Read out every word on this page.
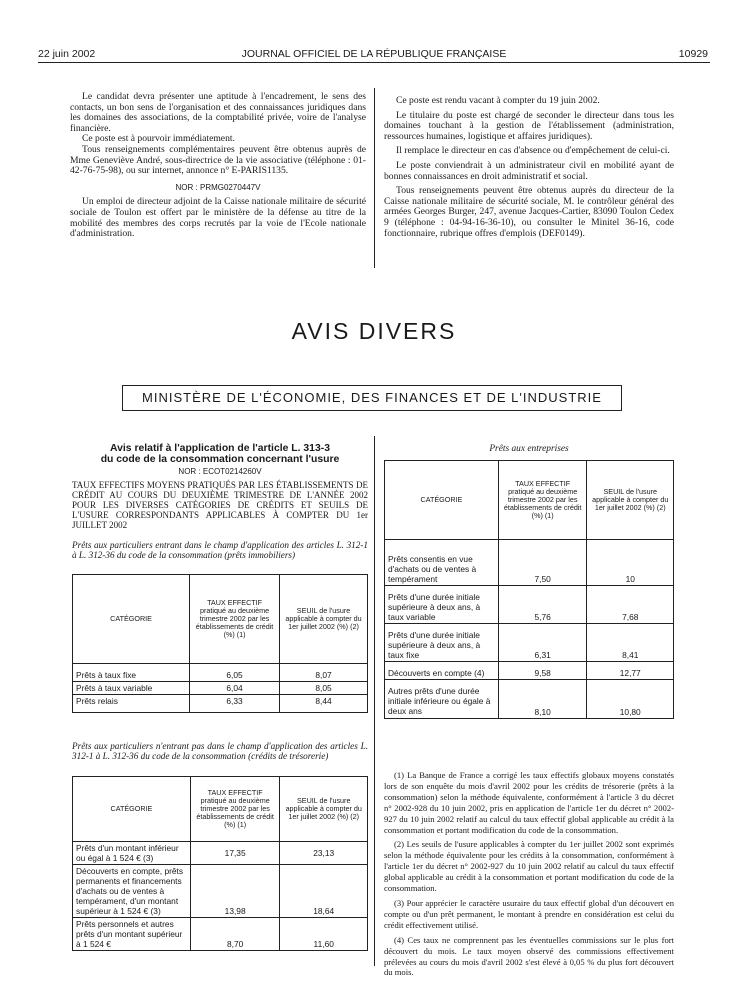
22 juin 2002	JOURNAL OFFICIEL DE LA RÉPUBLIQUE FRANÇAISE	10929

Le candidat devra présenter une aptitude à l'encadrement, le sens des contacts, un bon sens de l'organisation et des connaissances juridiques dans les domaines des associations, de la comptabilité privée, voire de l'analyse financière.

Ce poste est à pourvoir immédiatement.

Tous renseignements complémentaires peuvent être obtenus auprès de Mme Geneviève André, sous-directrice de la vie associative (téléphone : 01-42-76-75-98), ou sur internet, annonce n° E-PARIS1135.

NOR : PRMG0270447V

Un emploi de directeur adjoint de la Caisse nationale militaire de sécurité sociale de Toulon est offert par le ministère de la défense au titre de la mobilité des membres des corps recrutés par la voie de l'Ecole nationale d'administration.

Ce poste est rendu vacant à compter du 19 juin 2002.

Le titulaire du poste est chargé de seconder le directeur dans tous les domaines touchant à la gestion de l'établissement (administration, ressources humaines, logistique et affaires juridiques).

Il remplace le directeur en cas d'absence ou d'empêchement de celui-ci.

Le poste conviendrait à un administrateur civil en mobilité ayant de bonnes connaissances en droit administratif et social.

Tous renseignements peuvent être obtenus auprès du directeur de la Caisse nationale militaire de sécurité sociale, M. le contrôleur général des armées Georges Burger, 247, avenue Jacques-Cartier, 83090 Toulon Cedex 9 (téléphone : 04-94-16-36-10), ou consulter le Minitel 36-16, code fonctionnaire, rubrique offres d'emplois (DEF0149).

AVIS DIVERS
MINISTÈRE DE L'ÉCONOMIE, DES FINANCES ET DE L'INDUSTRIE
Avis relatif à l'application de l'article L. 313-3
du code de la consommation concernant l'usure
NOR : ECOT0214260V
TAUX EFFECTIFS MOYENS PRATIQUÉS PAR LES ÉTABLISSEMENTS DE CRÉDIT AU COURS DU DEUXIÈME TRIMESTRE DE L'ANNÉE 2002 POUR LES DIVERSES CATÉGORIES DE CRÉDITS ET SEUILS DE L'USURE CORRESPONDANTS APPLICABLES À COMPTER DU 1er JUILLET 2002
Prêts aux particuliers entrant dans le champ d'application des articles L. 312-1 à L. 312-36 du code de la consommation (prêts immobiliers)
CATÉGORIE	TAUX EFFECTIF pratiqué au deuxième trimestre 2002 par les établissements de crédit (%) (1)	SEUIL de l'usure applicable à compter du 1er juillet 2002 (%) (2)
Prêts à taux fixe	6,05	8,07
Prêts à taux variable	6,04	8,05
Prêts relais	6,33	8,44
Prêts aux particuliers n'entrant pas dans le champ d'application des articles L. 312-1 à L. 312-36 du code de la consommation (crédits de trésorerie)
CATÉGORIE	TAUX EFFECTIF pratiqué au deuxième trimestre 2002 par les établissements de crédit (%) (1)	SEUIL de l'usure applicable à compter du 1er juillet 2002 (%) (2)
Prêts d'un montant inférieur ou égal à 1 524 € (3)	17,35	23,13
Découverts en compte, prêts permanents et financements d'achats ou de ventes à tempérament, d'un montant supérieur à 1 524 € (3)	13,98	18,64
Prêts personnels et autres prêts d'un montant supérieur à 1 524 €	8,70	11,60
Prêts aux entreprises
CATÉGORIE	TAUX EFFECTIF pratiqué au deuxième trimestre 2002 par les établissements de crédit (%) (1)	SEUIL de l'usure applicable à compter du 1er juillet 2002 (%) (2)
Prêts consentis en vue d'achats ou de ventes à tempérament	7,50	10
Prêts d'une durée initiale supérieure à deux ans, à taux variable	5,76	7,68
Prêts d'une durée initiale supérieure à deux ans, à taux fixe	6,31	8,41
Découverts en compte (4)	9,58	12,77
Autres prêts d'une durée initiale inférieure ou égale à deux ans	8,10	10,80

(1) La Banque de France a corrigé les taux effectifs globaux moyens constatés lors de son enquête du mois d'avril 2002 pour les crédits de trésorerie (prêts à la consommation) selon la méthode équivalente, conformément à l'article 3 du décret n° 2002-928 du 10 juin 2002, pris en application de l'article 1er du décret n° 2002-927 du 10 juin 2002 relatif au calcul du taux effectif global applicable au crédit à la consommation et portant modification du code de la consommation.

(2) Les seuils de l'usure applicables à compter du 1er juillet 2002 sont exprimés selon la méthode équivalente pour les crédits à la consommation, conformément à l'article 1er du décret n° 2002-927 du 10 juin 2002 relatif au calcul du taux effectif global applicable au crédit à la consommation et portant modification du code de la consommation.

(3) Pour apprécier le caractère usuraire du taux effectif global d'un découvert en compte ou d'un prêt permanent, le montant à prendre en considération est celui du crédit effectivement utilisé.

(4) Ces taux ne comprennent pas les éventuelles commissions sur le plus fort découvert du mois. Le taux moyen observé des commissions effectivement prélevées au cours du mois d'avril 2002 s'est élevé à 0,05 % du plus fort découvert du mois.
